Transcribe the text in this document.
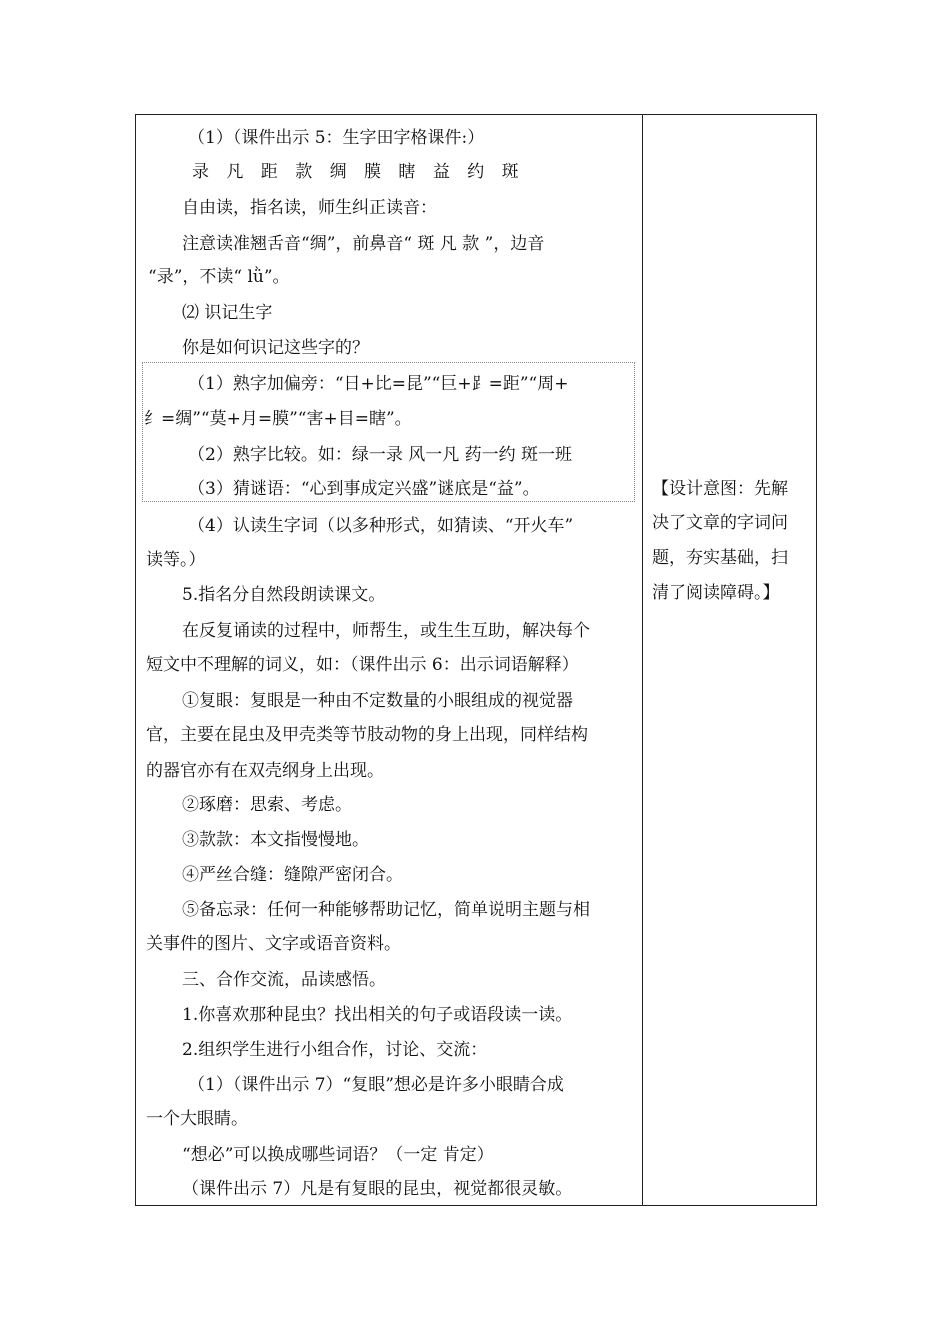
（1）（课件出示 5：生字田字格课件:）
录 凡 距 款 绸 膜 瞎 益 约 斑
自由读，指名读，师生纠正读音：
注意读准翘舌音“绸”，前鼻音“ 斑 凡 款 ”，边音
“录”，不读“ lǜ”。
⑵ 识记生字
你是如何识记这些字的？
（1）熟字加偏旁：“日+比=昆”“巨+⻊=距”“周+
纟=绸”“莫+月=膜”“害+目=瞎”。
（2）熟字比较。如：绿一录 风一凡 药一约 斑一班
（3）猜谜语：“心到事成定兴盛”谜底是“益”。
（4）认读生字词（以多种形式，如猜读、“开火车”
读等。）
5.指名分自然段朗读课文。
在反复诵读的过程中，师帮生，或生生互助，解决每个
短文中不理解的词义，如：（课件出示 6：出示词语解释）
①复眼：复眼是一种由不定数量的小眼组成的视觉器
官，主要在昆虫及甲壳类等节肢动物的身上出现，同样结构
的器官亦有在双壳纲身上出现。
②琢磨：思索、考虑。
③款款：本文指慢慢地。
④严丝合缝：缝隙严密闭合。
⑤备忘录：任何一种能够帮助记忆，简单说明主题与相
关事件的图片、文字或语音资料。
三、合作交流，品读感悟。
1.你喜欢那种昆虫？找出相关的句子或语段读一读。
2.组织学生进行小组合作，讨论、交流：
（1）（课件出示 7）“复眼”想必是许多小眼睛合成
一个大眼睛。
“想必”可以换成哪些词语？（一定 肯定）
（课件出示 7）凡是有复眼的昆虫，视觉都很灵敏。
【设计意图：先解
决了文章的字词问
题，夯实基础，扫
清了阅读障碍。】
